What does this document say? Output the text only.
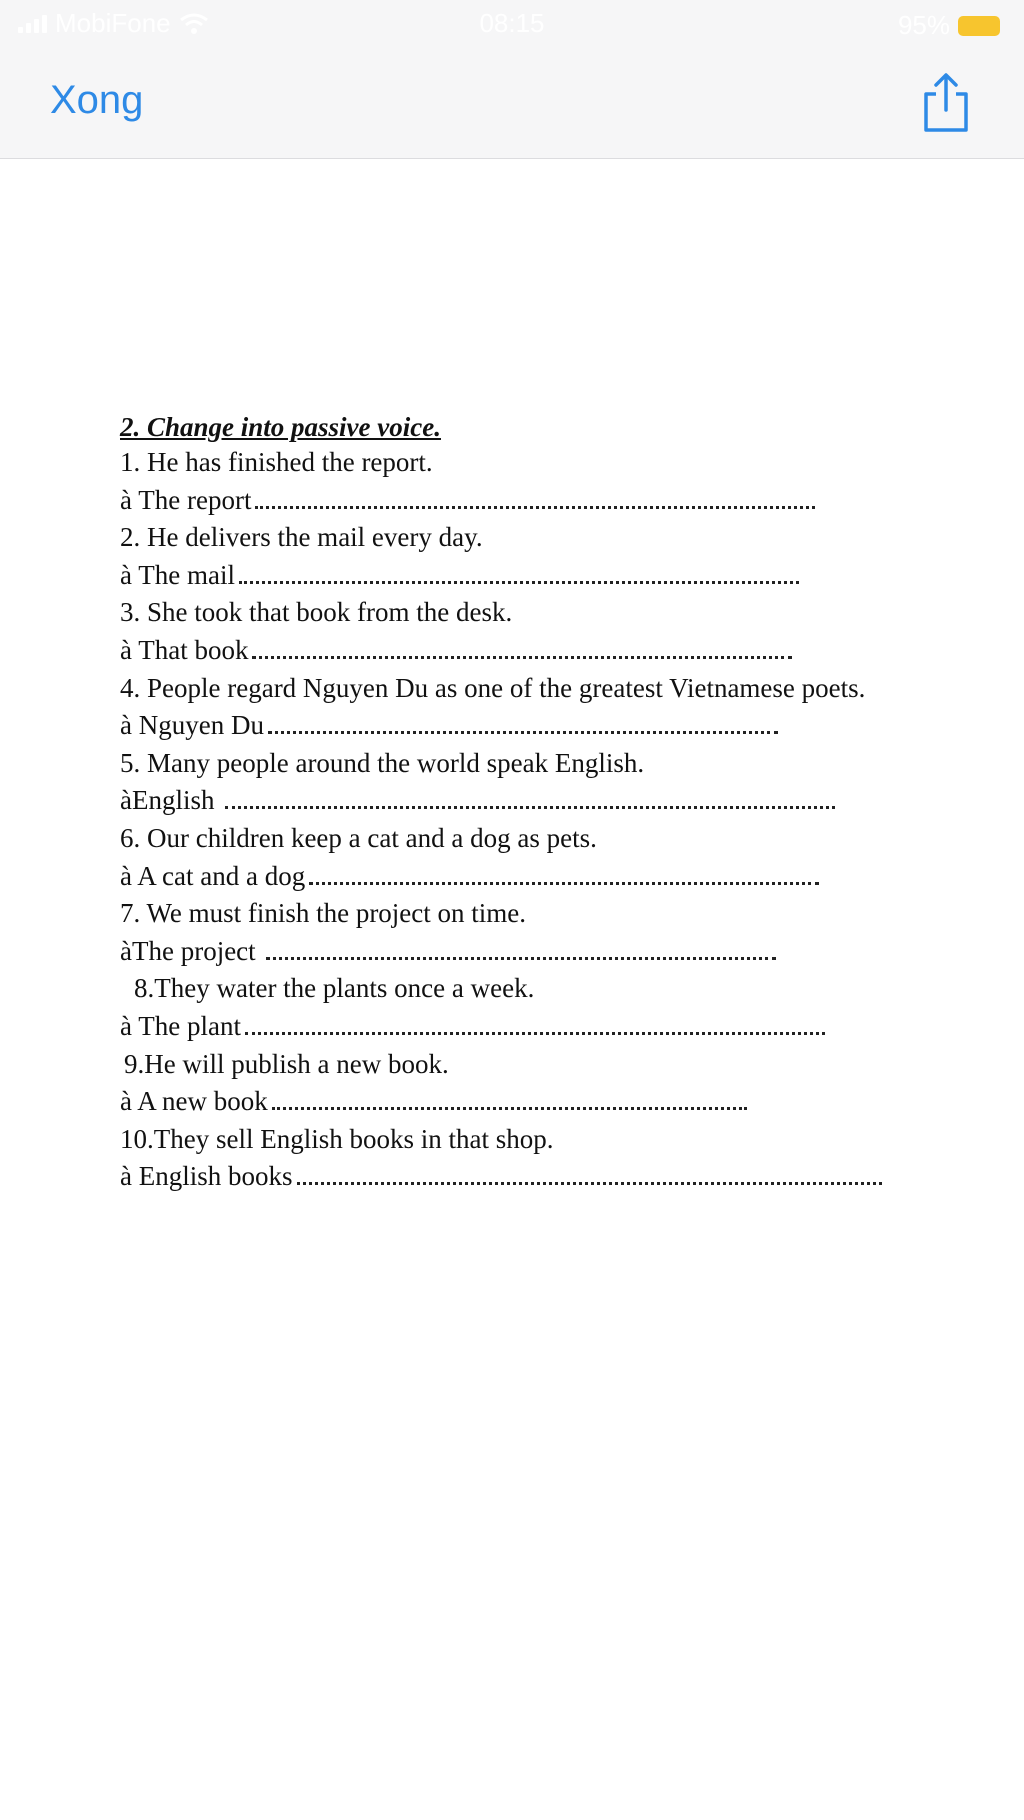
MobiFone	08:15	95%
Xong
2. Change into passive voice.
1. He has finished the report.
à The report
2. He delivers the mail every day.
à The mail
3. She took that book from the desk.
à That book
4. People regard Nguyen Du as one of the greatest Vietnamese poets.
à Nguyen Du
5. Many people around the world speak English.
àEnglish
6. Our children keep a cat and a dog as pets.
à A cat and a dog
7. We must finish the project on time.
àThe project
8.They water the plants once a week.
à The plant
9.He will publish a new book.
à A new book
10.They sell English books in that shop.
à English books
